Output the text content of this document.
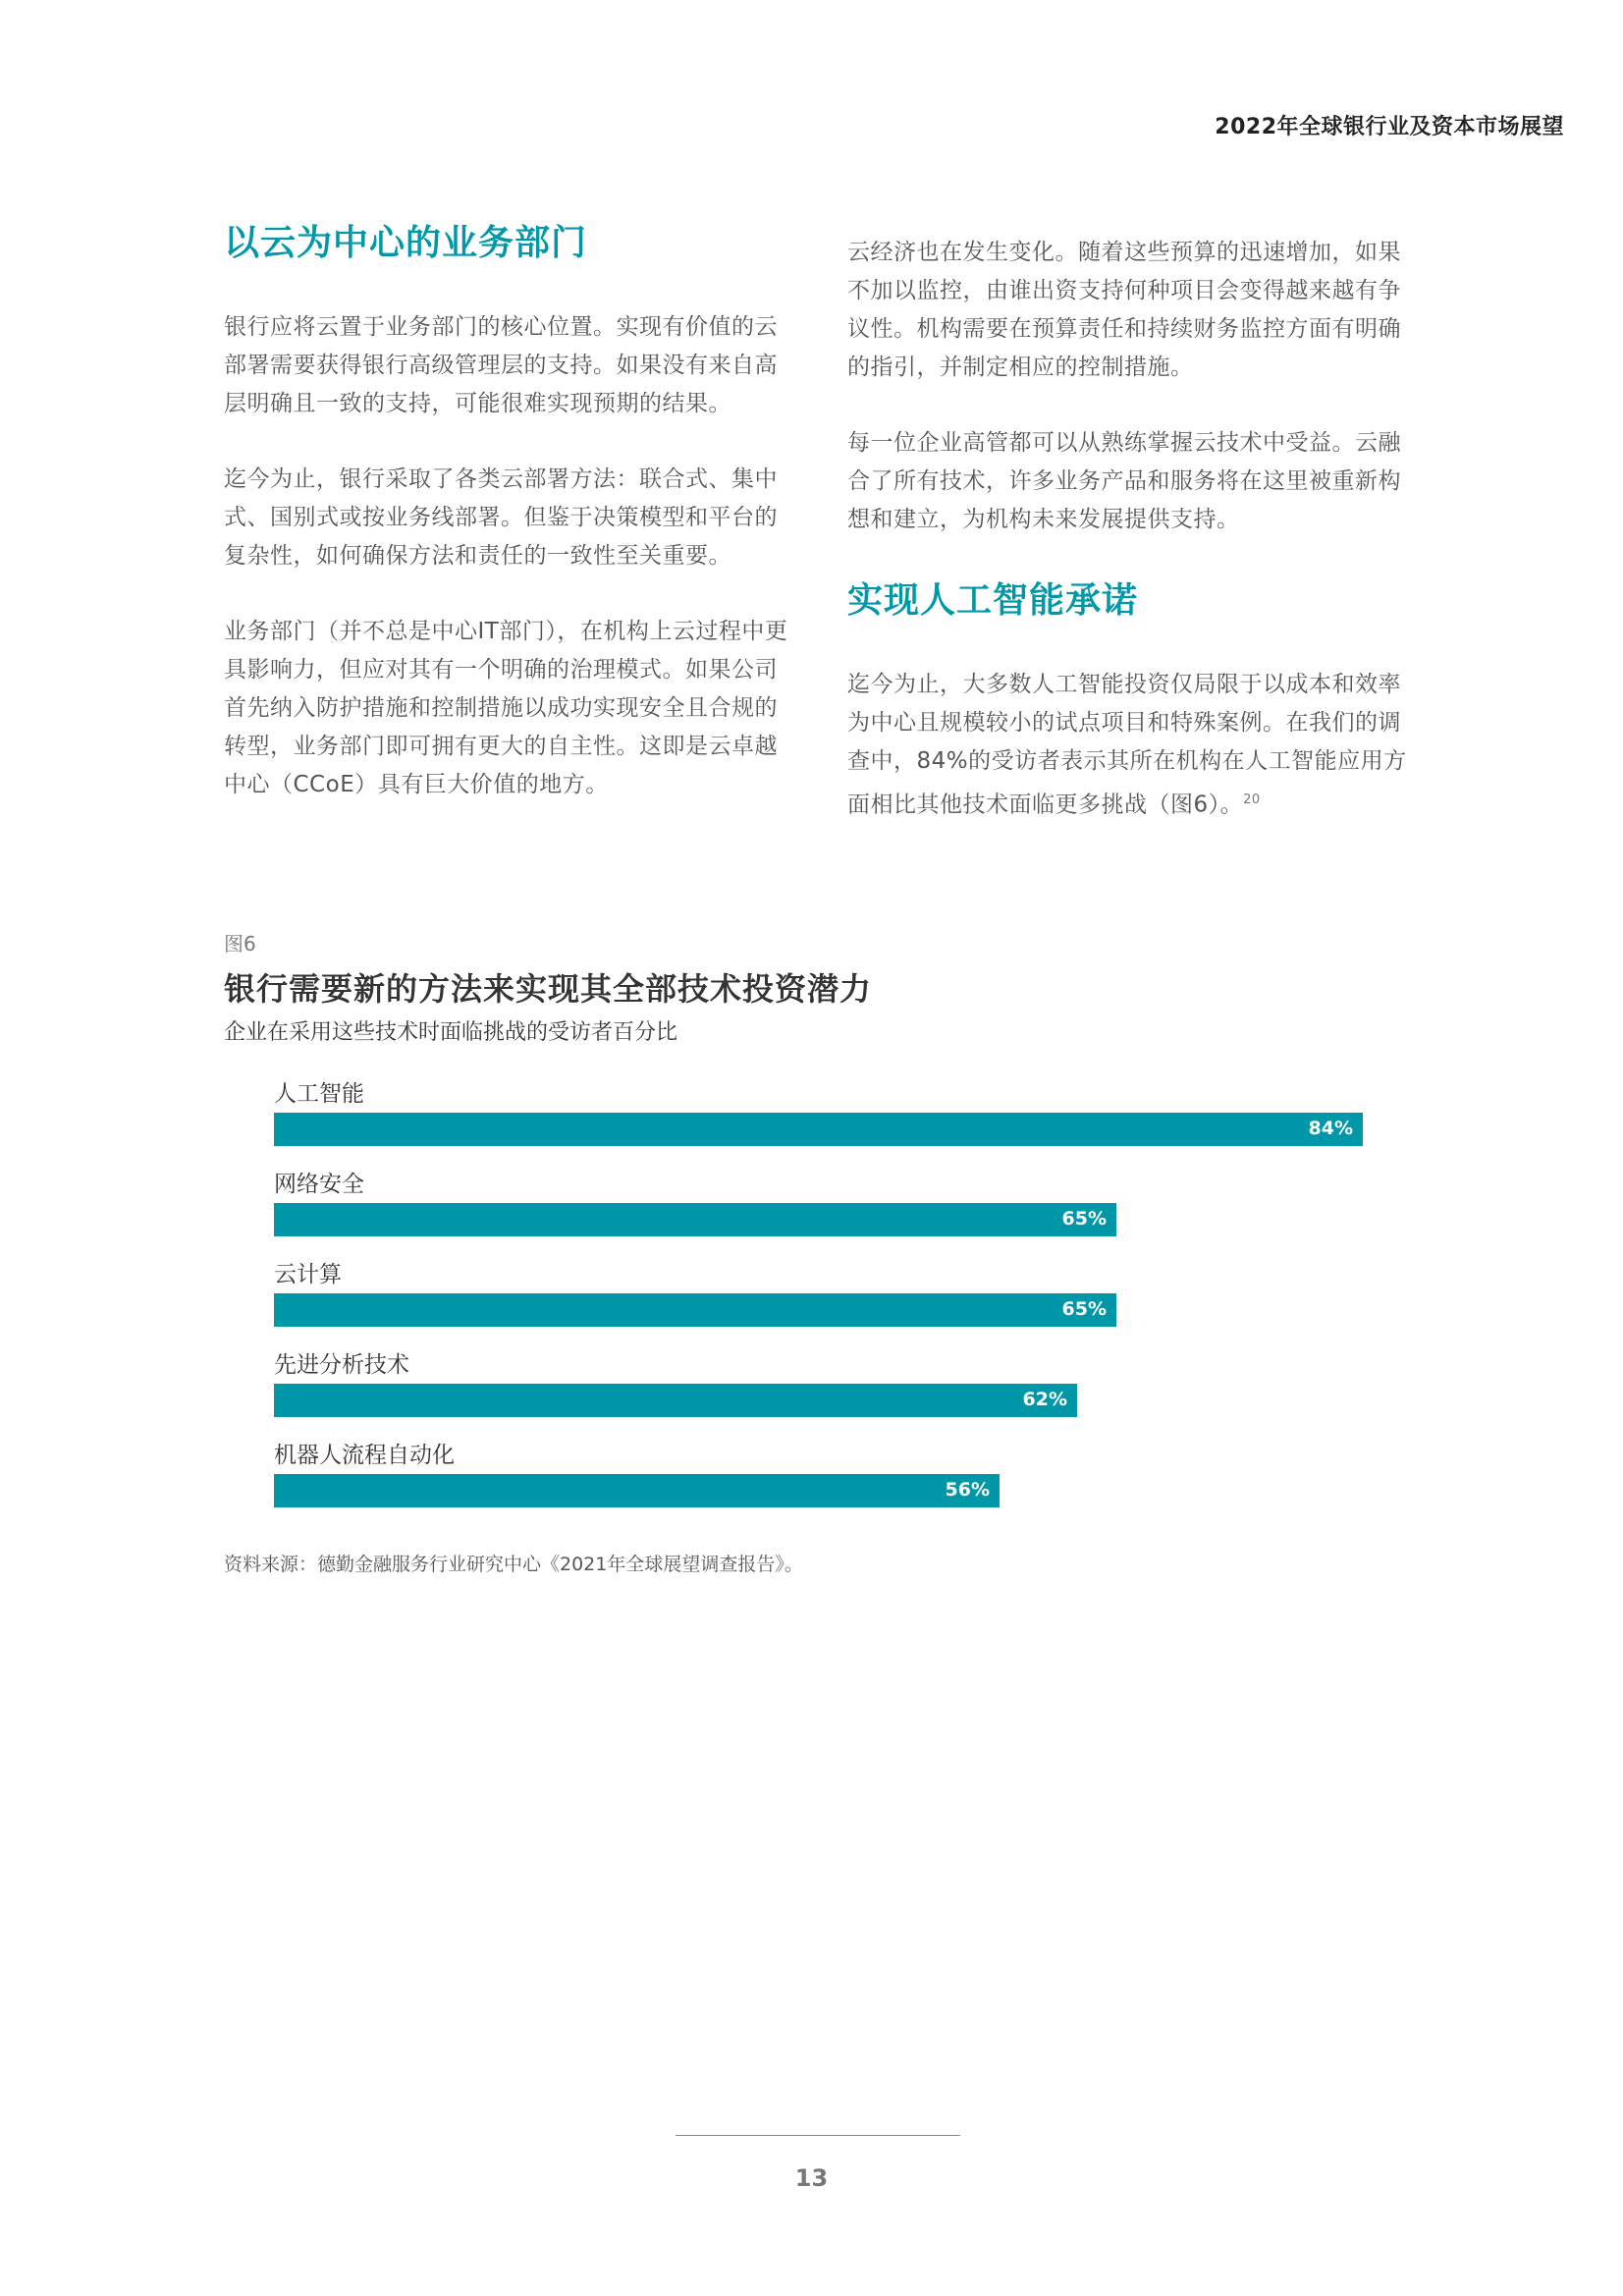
2022年全球银行业及资本市场展望
以云为中心的业务部门

银行应将云置于业务部门的核心位置。实现有价值的云部署需要获得银行高级管理层的支持。如果没有来自高层明确且一致的支持，可能很难实现预期的结果。

迄今为止，银行采取了各类云部署方法：联合式、集中式、国别式或按业务线部署。但鉴于决策模型和平台的复杂性，如何确保方法和责任的一致性至关重要。

业务部门（并不总是中心IT部门），在机构上云过程中更具影响力，但应对其有一个明确的治理模式。如果公司首先纳入防护措施和控制措施以成功实现安全且合规的转型，业务部门即可拥有更大的自主性。这即是云卓越中心（CCoE）具有巨大价值的地方。

云经济也在发生变化。随着这些预算的迅速增加，如果不加以监控，由谁出资支持何种项目会变得越来越有争议性。机构需要在预算责任和持续财务监控方面有明确的指引，并制定相应的控制措施。

每一位企业高管都可以从熟练掌握云技术中受益。云融合了所有技术，许多业务产品和服务将在这里被重新构想和建立，为机构未来发展提供支持。

实现人工智能承诺

迄今为止，大多数人工智能投资仅局限于以成本和效率为中心且规模较小的试点项目和特殊案例。在我们的调查中，84%的受访者表示其所在机构在人工智能应用方面相比其他技术面临更多挑战（图6）。$^{20}$

图6
银行需要新的方法来实现其全部技术投资潜力
企业在采用这些技术时面临挑战的受访者百分比
人工智能
84%
网络安全
65%
云计算
65%
先进分析技术
62%
机器人流程自动化
56%
资料来源：德勤金融服务行业研究中心《2021年全球展望调查报告》。
13
